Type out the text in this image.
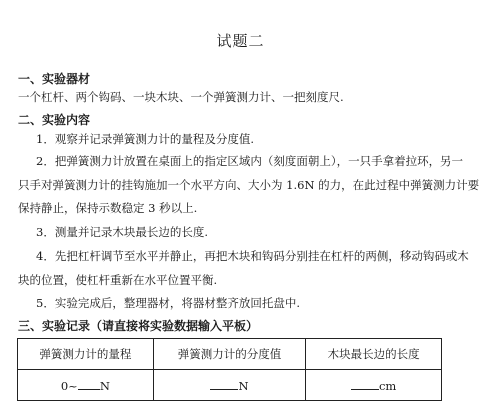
试题二
一、实验器材
一个杠杆、两个钩码、一块木块、一个弹簧测力计、一把刻度尺.
二、实验内容
1．观察并记录弹簧测力计的量程及分度值.
2．把弹簧测力计放置在桌面上的指定区域内（刻度面朝上），一只手拿着拉环，另一
只手对弹簧测力计的挂钩施加一个水平方向、大小为 1.6N 的力，在此过程中弹簧测力计要
保持静止，保持示数稳定 3 秒以上.
3．测量并记录木块最长边的长度.
4．先把杠杆调节至水平并静止，再把木块和钩码分别挂在杠杆的两侧，移动钩码或木
块的位置，使杠杆重新在水平位置平衡.
5．实验完成后，整理器材，将器材整齐放回托盘中.
三、实验记录（请直接将实验数据输入平板）
弹簧测力计的量程	弹簧测力计的分度值	木块最长边的长度
0~ N	N	cm
